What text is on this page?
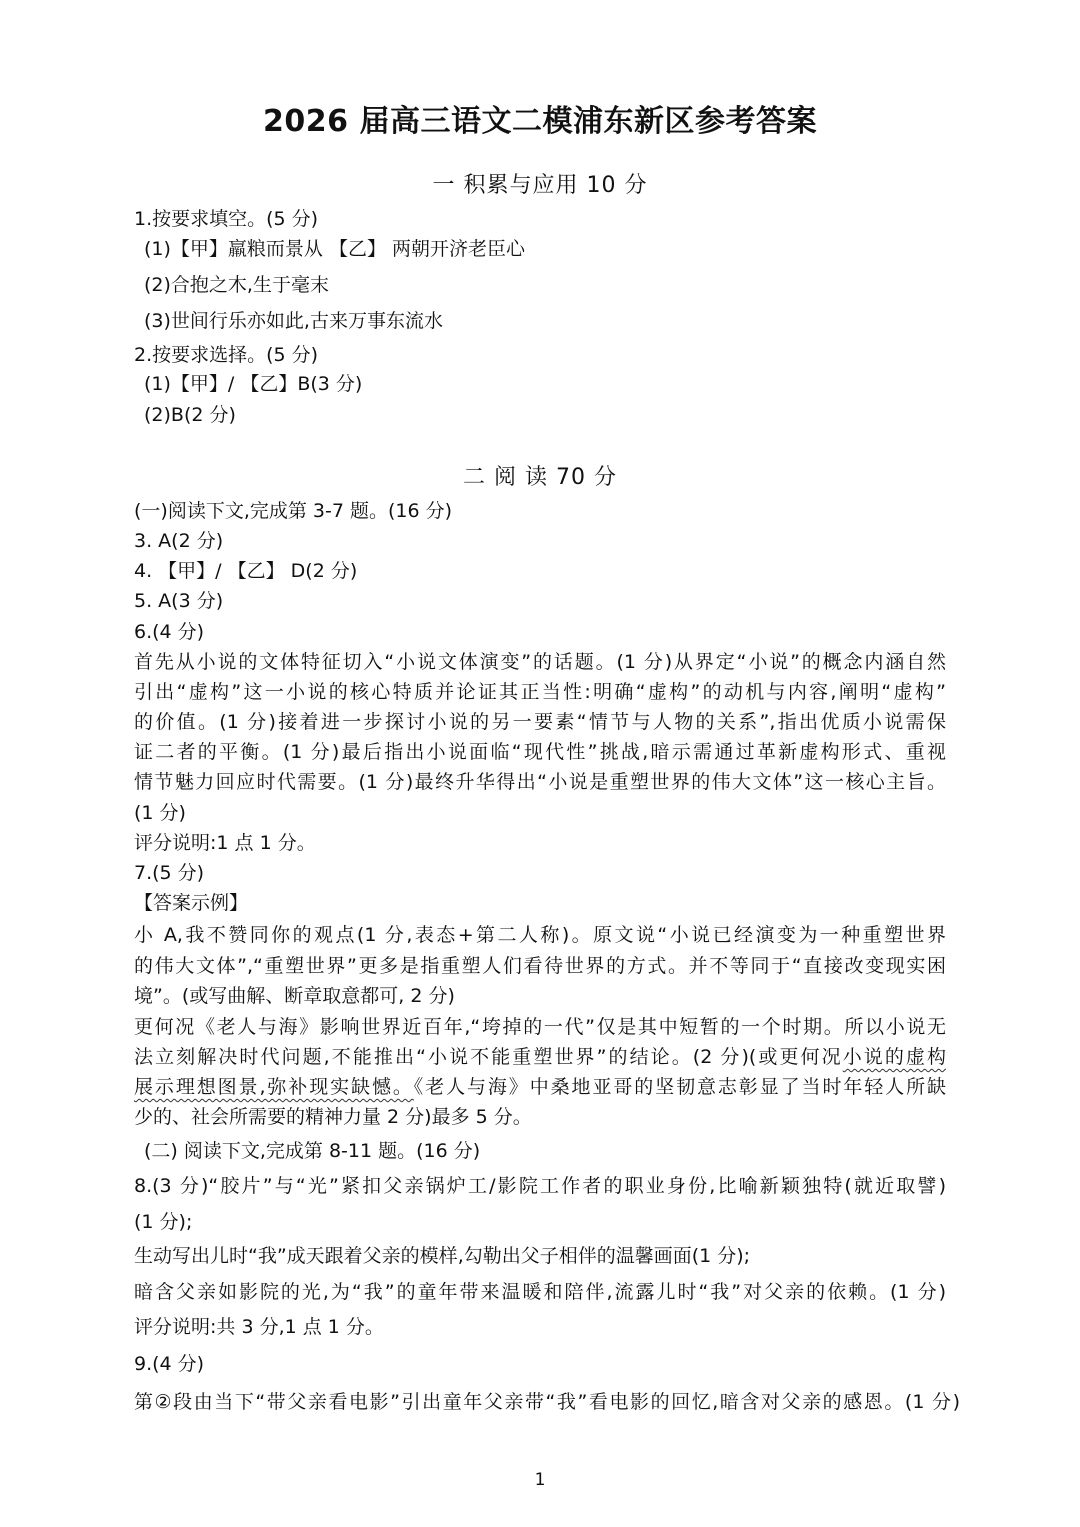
2026 届高三语文二模浦东新区参考答案
一 积累与应用 10 分
1.按要求填空。(5 分)
(1)【甲】羸粮而景从 【乙】 两朝开济老臣心
(2)合抱之木,生于毫末
(3)世间行乐亦如此,古来万事东流水
2.按要求选择。(5 分)
(1)【甲】/ 【乙】B(3 分)
(2)B(2 分)
二 阅 读 70 分
(一)阅读下文,完成第 3-7 题。(16 分)
3. A(2 分)
4. 【甲】/ 【乙】 D(2 分)
5. A(3 分)
6.(4 分)
首先从小说的文体特征切入“小说文体演变”的话题。(1 分)从界定“小说”的概念内涵自然
引出“虚构”这一小说的核心特质并论证其正当性:明确“虚构”的动机与内容,阐明“虚构”
的价值。(1 分)接着进一步探讨小说的另一要素“情节与人物的关系”,指出优质小说需保
证二者的平衡。(1 分)最后指出小说面临“现代性”挑战,暗示需通过革新虚构形式、重视
情节魅力回应时代需要。(1 分)最终升华得出“小说是重塑世界的伟大文体”这一核心主旨。
(1 分)
评分说明:1 点 1 分。
7.(5 分)
【答案示例】
小 A,我不赞同你的观点(1 分,表态+第二人称)。原文说“小说已经演变为一种重塑世界
的伟大文体”,“重塑世界”更多是指重塑人们看待世界的方式。并不等同于“直接改变现实困
境”。(或写曲解、断章取意都可, 2 分)
更何况《老人与海》影响世界近百年,“垮掉的一代”仅是其中短暂的一个时期。所以小说无
法立刻解决时代问题,不能推出“小说不能重塑世界”的结论。(2 分)(或更何况小说的虚构
展示理想图景,弥补现实缺憾。《老人与海》中桑地亚哥的坚韧意志彰显了当时年轻人所缺
少的、社会所需要的精神力量 2 分)最多 5 分。
(二) 阅读下文,完成第 8-11 题。(16 分)
8.(3 分)“胶片”与“光”紧扣父亲锅炉工/影院工作者的职业身份,比喻新颖独特(就近取譬)
(1 分);
生动写出儿时“我”成天跟着父亲的模样,勾勒出父子相伴的温馨画面(1 分);
暗含父亲如影院的光,为“我”的童年带来温暖和陪伴,流露儿时“我”对父亲的依赖。(1 分)
评分说明:共 3 分,1 点 1 分。
9.(4 分)
第②段由当下“带父亲看电影”引出童年父亲带“我”看电影的回忆,暗含对父亲的感恩。(1 分)
1
